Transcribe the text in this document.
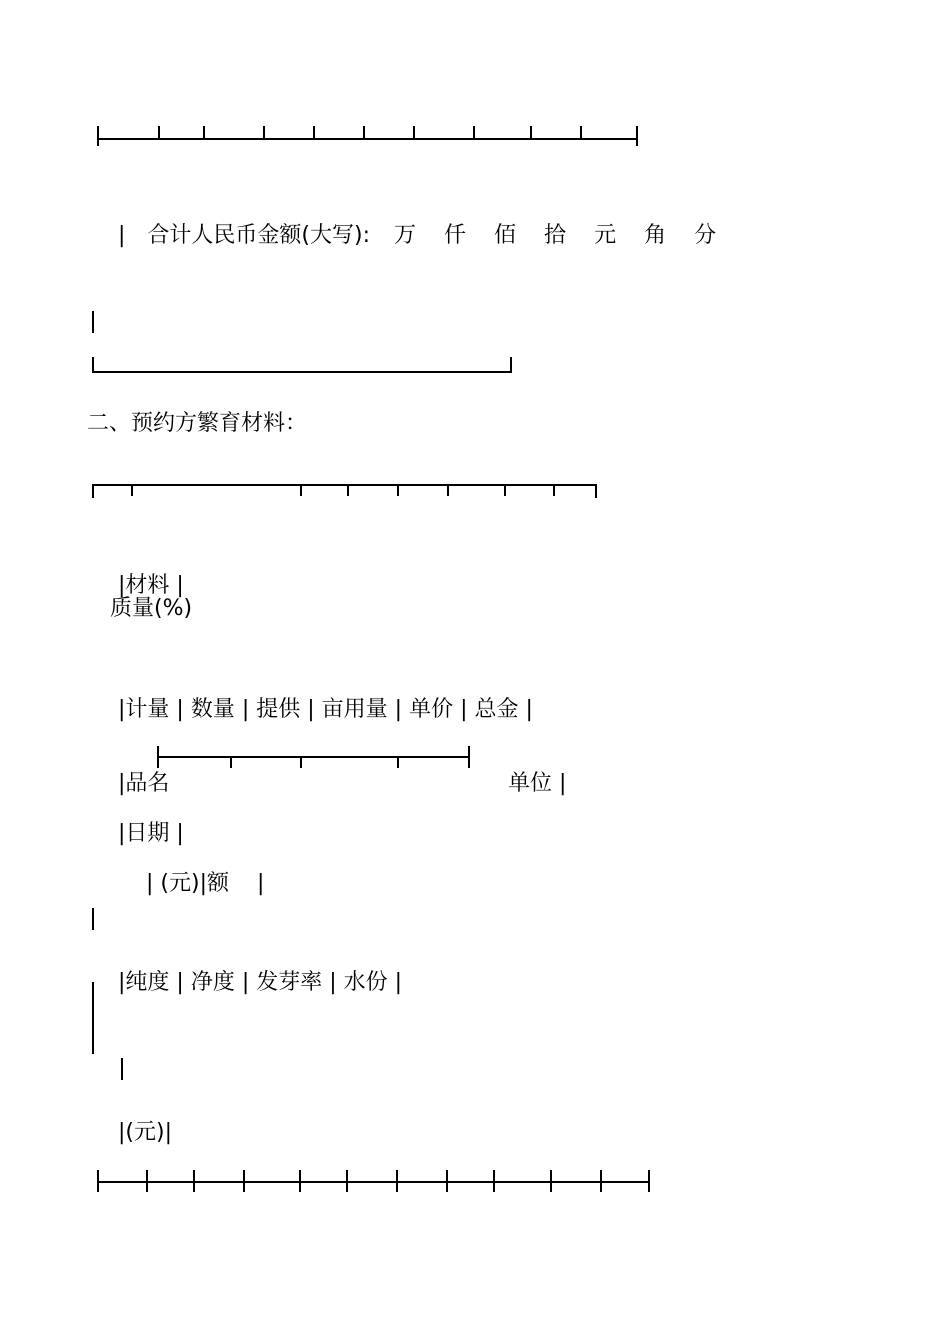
| 合计人民币金额(大写): 万 仟 佰 拾 元 角 分

二、预约方繁育材料：

|材料 |

质量(%)

|计量 | 数量 | 提供 | 亩用量 | 单价 | 总金 |

|品名
	单位 |

|日期 |

| (元)|额    |

|纯度 | 净度 | 发芽率 | 水份 |

|(元)|
